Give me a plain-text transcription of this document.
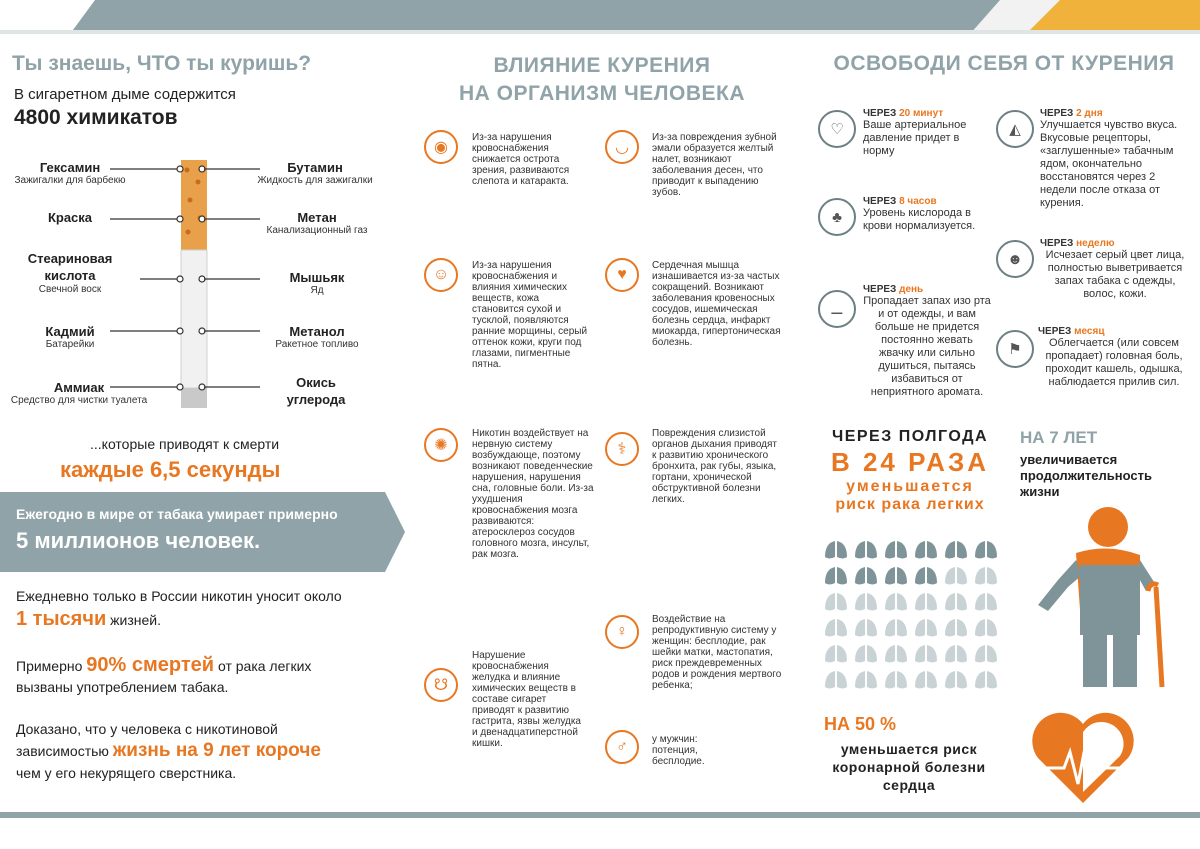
Ты знаешь, ЧТО ты куришь?
В сигаретном дыме содержится
4800 химикатов
Гексамин
Зажигалки для барбекю
Краска
Стеариновая кислота
Свечной воск
Кадмий
Батарейки
Аммиак
Средство для чистки туалета
Бутамин
Жидкость для зажигалки
Метан
Канализационный газ
Мышьяк
Яд
Метанол
Ракетное топливо
Окись углерода
...которые приводят к смерти
каждые 6,5 секунды
Ежегодно в мире от табака умирает примерно
5 миллионов человек.
Ежедневно только в России никотин уносит около
1 тысячи жизней.
Примерно 90% смертей от рака легких
вызваны употреблением табака.
Доказано, что у человека с никотиновой
зависимостью жизнь на 9 лет короче
чем у его некурящего сверстника.
ВЛИЯНИЕ КУРЕНИЯ
НА ОРГАНИЗМ ЧЕЛОВЕКА
◉
Из-за нарушения кровоснабжения снижается острота зрения, развиваются слепота и катаракта.
◡
Из-за повреждения зубной эмали образуется желтый налет, возникают заболевания десен, что приводит к выпадению зубов.
☺
Из-за нарушения кровоснабжения и влияния химических веществ, кожа становится сухой и тусклой, появляются ранние морщины, серый оттенок кожи, круги под глазами, пигментные пятна.
♥
Сердечная мышца изнашивается из-за частых сокращений. Возникают заболевания кровеносных сосудов, ишемическая болезнь сердца, инфаркт миокарда, гипертоническая болезнь.
✺
Никотин воздействует на нервную систему возбуждающе, поэтому возникают поведенческие нарушения, нарушения сна, головные боли. Из-за ухудшения кровоснабжения мозга развиваются: атеросклероз сосудов головного мозга, инсульт, рак мозга.
⚕
Повреждения слизистой органов дыхания приводят к развитию хронического бронхита, рак губы, языка, гортани, хронической обструктивной болезни легких.
☋
Нарушение кровоснабжения желудка и влияние химических веществ в составе сигарет приводят к развитию гастрита, язвы желудка и двенадцатиперстной кишки.
♀
Воздействие на репродуктивную систему у женщин: бесплодие, рак шейки матки, мастопатия, риск преждевременных родов и рождения мертвого ребенка;
♂	у мужчин: потенция, бесплодие.
ОСВОБОДИ СЕБЯ ОТ КУРЕНИЯ
♡
ЧЕРЕЗ 20 минут
Ваше артериальное давление придет в норму
♣
ЧЕРЕЗ 8 часов
Уровень кислорода в крови нормализуется.
⚊
ЧЕРЕЗ день
Пропадает запах изо рта и от одежды, и вам больше не придется постоянно жевать жвачку или сильно душиться, пытаясь избавиться от неприятного аромата.
◭
ЧЕРЕЗ 2 дня
Улучшается чувство вкуса. Вкусовые рецепторы, «заглушенные» табачным ядом, окончательно восстановятся через 2 недели после отказа от курения.
☻
ЧЕРЕЗ неделю
Исчезает серый цвет лица, полностью выветривается запах табака с одежды, волос, кожи.
⚑
ЧЕРЕЗ месяц
Облегчается (или совсем пропадает) головная боль, проходит кашель, одышка, наблюдается прилив сил.
ЧЕРЕЗ ПОЛГОДА
В 24 РАЗА
уменьшается
риск рака легких
НА 7 ЛЕТ
увеличивается
продолжительность
жизни
НА 50 %
уменьшается риск
коронарной болезни
сердца
